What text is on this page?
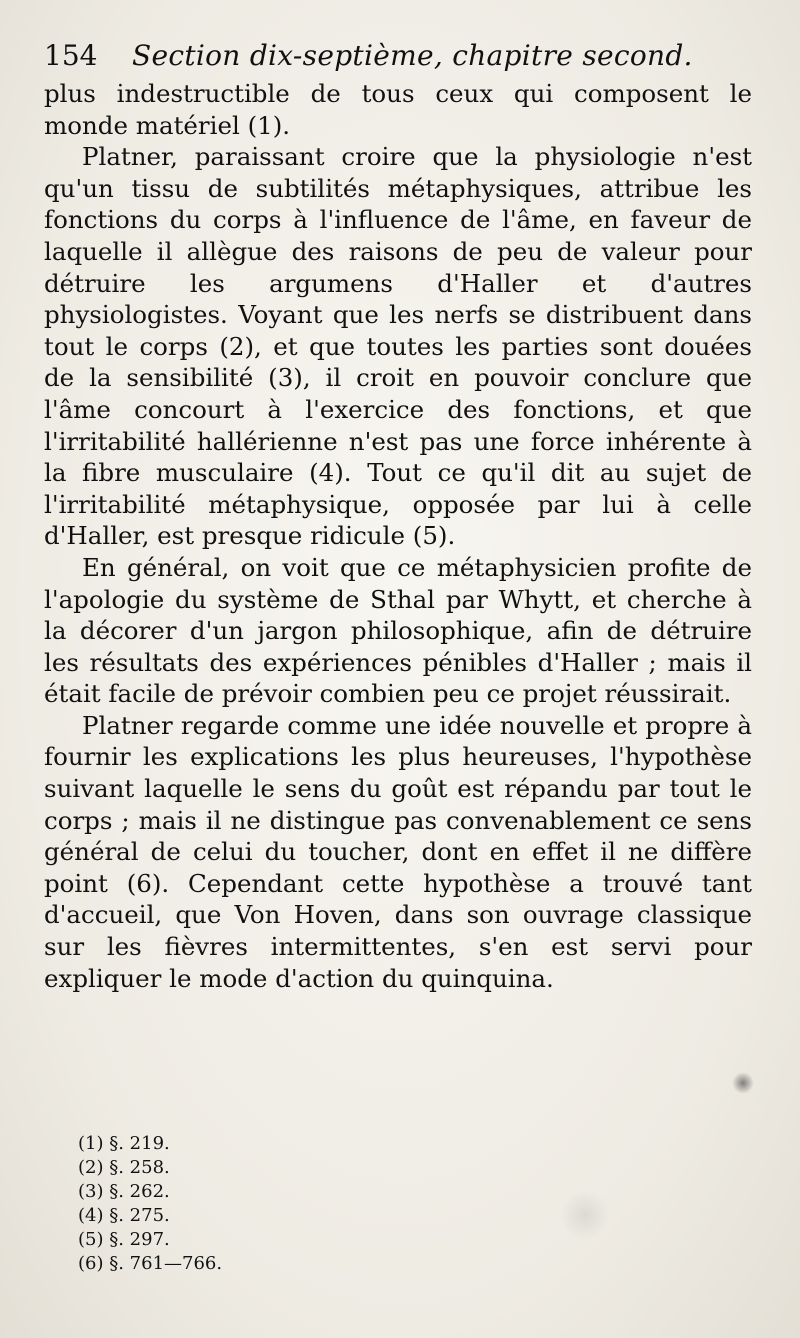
154	Section dix-septième, chapitre second.

plus indestructible de tous ceux qui composent le monde matériel (1).

Platner, paraissant croire que la physiologie n'est qu'un tissu de subtilités métaphysiques, attribue les fonctions du corps à l'influence de l'âme, en faveur de laquelle il allègue des raisons de peu de valeur pour détruire les argumens d'Haller et d'autres physiologistes. Voyant que les nerfs se distribuent dans tout le corps (2), et que toutes les parties sont douées de la sensibilité (3), il croit en pouvoir conclure que l'âme concourt à l'exercice des fonctions, et que l'irritabilité hallérienne n'est pas une force inhérente à la fibre musculaire (4). Tout ce qu'il dit au sujet de l'irritabilité métaphysique, opposée par lui à celle d'Haller, est presque ridicule (5).

En général, on voit que ce métaphysicien profite de l'apologie du système de Sthal par Whytt, et cherche à la décorer d'un jargon philosophique, afin de détruire les résultats des expériences pénibles d'Haller ; mais il était facile de prévoir combien peu ce projet réussirait.

Platner regarde comme une idée nouvelle et propre à fournir les explications les plus heureuses, l'hypothèse suivant laquelle le sens du goût est répandu par tout le corps ; mais il ne distingue pas convenablement ce sens général de celui du toucher, dont en effet il ne diffère point (6). Cependant cette hypothèse a trouvé tant d'accueil, que Von Hoven, dans son ouvrage classique sur les fièvres intermittentes, s'en est servi pour expliquer le mode d'action du quinquina.

(1) §. 219.
(2) §. 258.
(3) §. 262.
(4) §. 275.
(5) §. 297.
(6) §. 761—766.
